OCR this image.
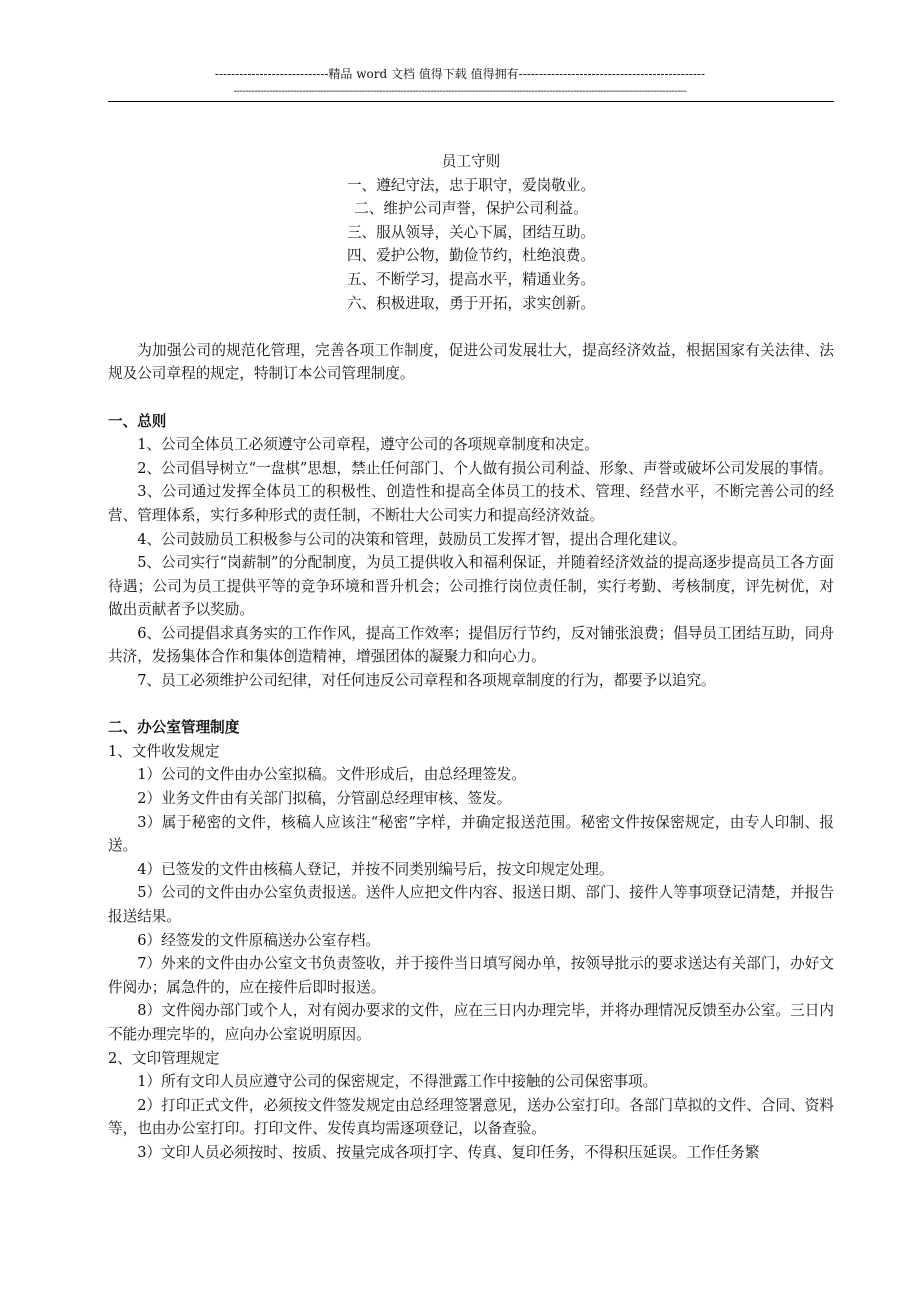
----------------------------精品 word 文档 值得下载 值得拥有----------------------------------------------
--------------------------------------------------------------------------------------------------------------------------------------------------------

员工守则

一、遵纪守法，忠于职守，爱岗敬业。

二、维护公司声誉，保护公司利益。

三、服从领导，关心下属，团结互助。

四、爱护公物，勤俭节约，杜绝浪费。

五、不断学习，提高水平，精通业务。

六、积极进取，勇于开拓，求实创新。

为加强公司的规范化管理，完善各项工作制度，促进公司发展壮大，提高经济效益，根据国家有关法律、法规及公司章程的规定，特制订本公司管理制度。

一、总则

1、公司全体员工必须遵守公司章程，遵守公司的各项规章制度和决定。

2、公司倡导树立“一盘棋”思想，禁止任何部门、个人做有损公司利益、形象、声誉或破坏公司发展的事情。

3、公司通过发挥全体员工的积极性、创造性和提高全体员工的技术、管理、经营水平，不断完善公司的经营、管理体系，实行多种形式的责任制，不断壮大公司实力和提高经济效益。

4、公司鼓励员工积极参与公司的决策和管理，鼓励员工发挥才智，提出合理化建议。

5、公司实行“岗薪制”的分配制度，为员工提供收入和福利保证，并随着经济效益的提高逐步提高员工各方面待遇；公司为员工提供平等的竞争环境和晋升机会；公司推行岗位责任制，实行考勤、考核制度，评先树优，对做出贡献者予以奖励。

6、公司提倡求真务实的工作作风，提高工作效率；提倡厉行节约，反对铺张浪费；倡导员工团结互助，同舟共济，发扬集体合作和集体创造精神，增强团体的凝聚力和向心力。

7、员工必须维护公司纪律，对任何违反公司章程和各项规章制度的行为，都要予以追究。

二、办公室管理制度

1、文件收发规定

1）公司的文件由办公室拟稿。文件形成后，由总经理签发。

2）业务文件由有关部门拟稿，分管副总经理审核、签发。

3）属于秘密的文件，核稿人应该注“秘密”字样，并确定报送范围。秘密文件按保密规定，由专人印制、报送。

4）已签发的文件由核稿人登记，并按不同类别编号后，按文印规定处理。

5）公司的文件由办公室负责报送。送件人应把文件内容、报送日期、部门、接件人等事项登记清楚，并报告报送结果。

6）经签发的文件原稿送办公室存档。

7）外来的文件由办公室文书负责签收，并于接件当日填写阅办单，按领导批示的要求送达有关部门，办好文件阅办；属急件的，应在接件后即时报送。

8）文件阅办部门或个人，对有阅办要求的文件，应在三日内办理完毕，并将办理情况反馈至办公室。三日内不能办理完毕的，应向办公室说明原因。

2、文印管理规定

1）所有文印人员应遵守公司的保密规定，不得泄露工作中接触的公司保密事项。

2）打印正式文件，必须按文件签发规定由总经理签署意见，送办公室打印。各部门草拟的文件、合同、资料等，也由办公室打印。打印文件、发传真均需逐项登记，以备查验。

3）文印人员必须按时、按质、按量完成各项打字、传真、复印任务，不得积压延误。工作任务繁
